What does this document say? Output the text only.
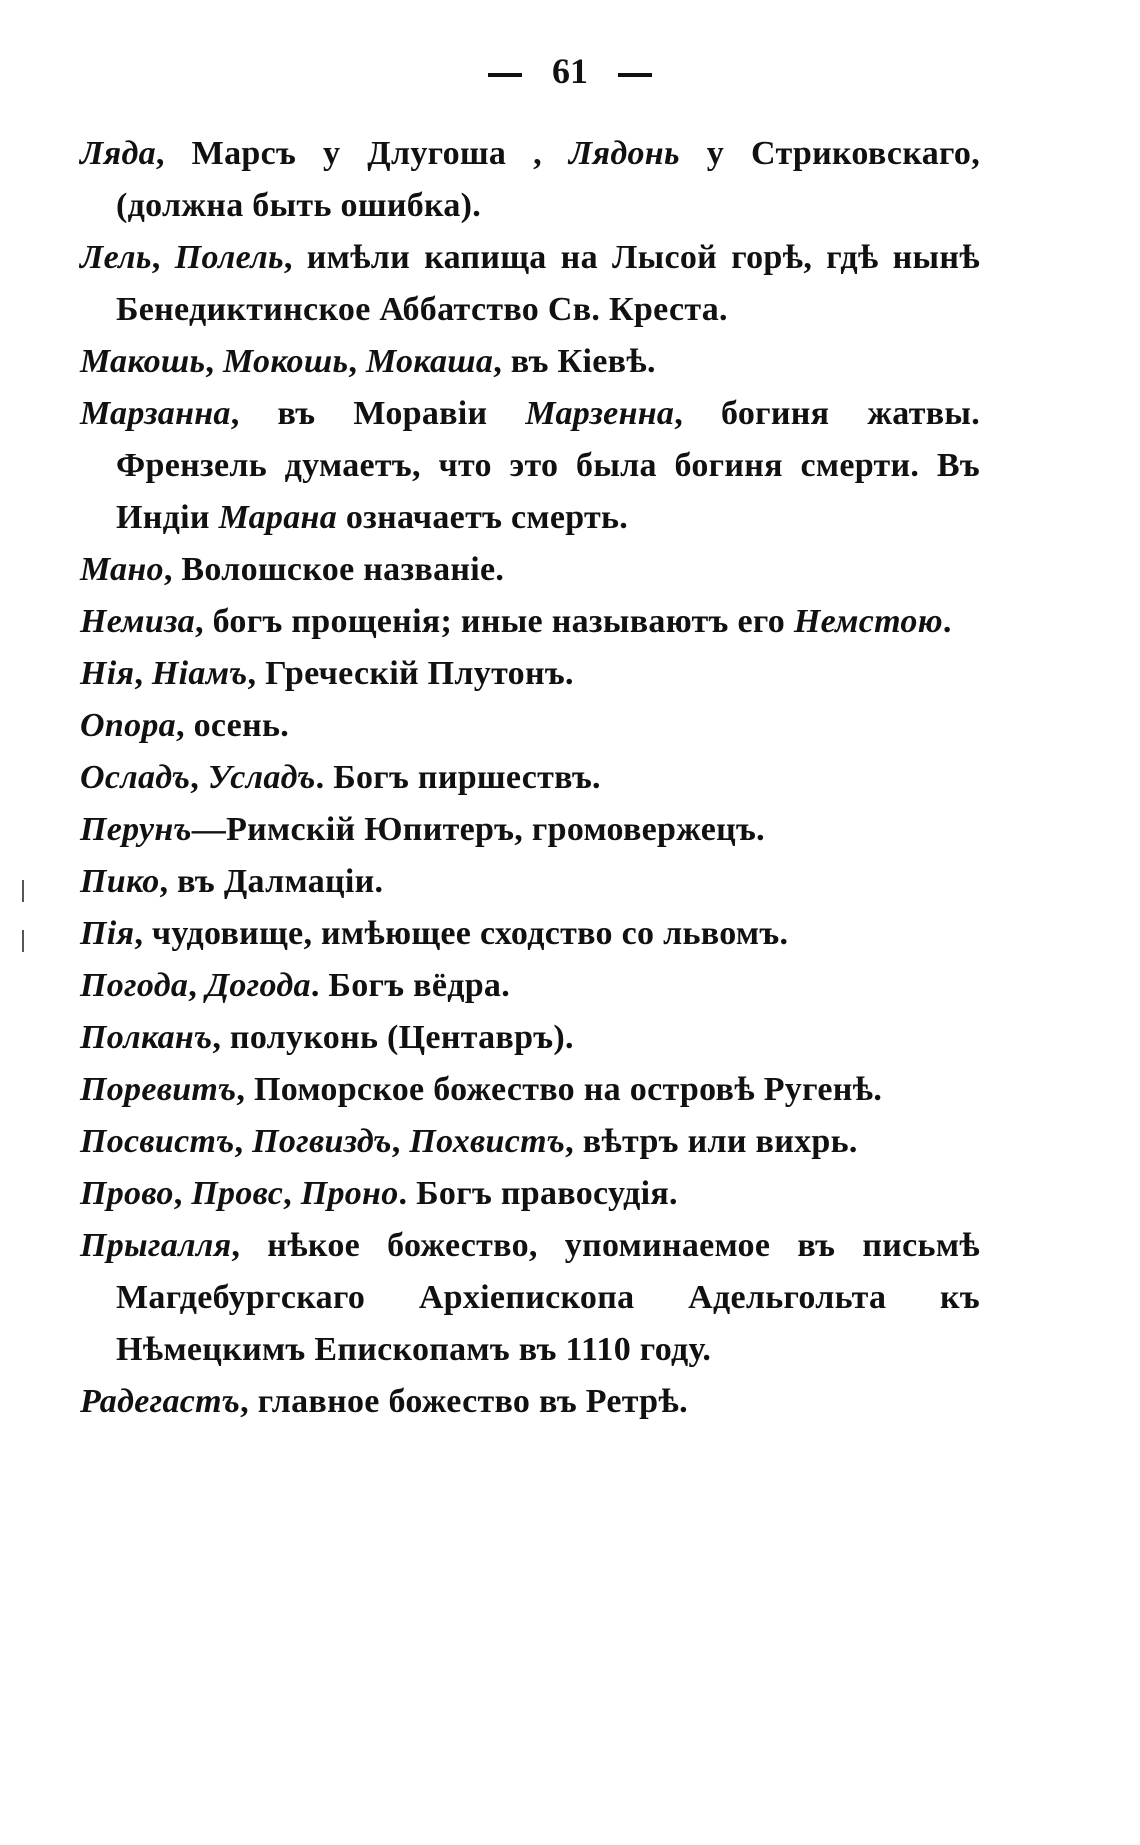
61

Ляда, Марсъ у Длугоша , Лядонь у Стриковскаго, (должна быть ошибка).

Лель, Полель, имѣли капища на Лысой горѣ, гдѣ нынѣ Бенедиктинское Аббатство Св. Креста.

Макошь, Мокошь, Мокаша, въ Кіевѣ.

Марзанна, въ Моравіи Марзенна, богиня жатвы. Френзель думаетъ, что это была богиня смерти. Въ Индіи Марана означаетъ смерть.

Мано, Волошское названіе.

Немиза, богъ прощенія; иные называютъ его Немстою.

Нія, Ніамъ, Греческій Плутонъ.

Опора, осень.

Осладъ, Усладъ. Богъ пиршествъ.

Перунъ—Римскій Юпитеръ, громовержецъ.

Пико, въ Далмаціи.

Пія, чудовище, имѣющее сходство со львомъ.

Погода, Догода. Богъ вёдра.

Полканъ, полуконь (Центавръ).

Поревитъ, Поморское божество на островѣ Ругенѣ.

Посвистъ, Погвиздъ, Похвистъ, вѣтръ или вихрь.

Прово, Провс, Проно. Богъ правосудія.

Прыгалля, нѣкое божество, упоминаемое въ письмѣ Магдебургскаго Архіепископа Адельгольта къ Нѣмецкимъ Епископамъ въ 1110 году.

Радегастъ, главное божество въ Ретрѣ.
